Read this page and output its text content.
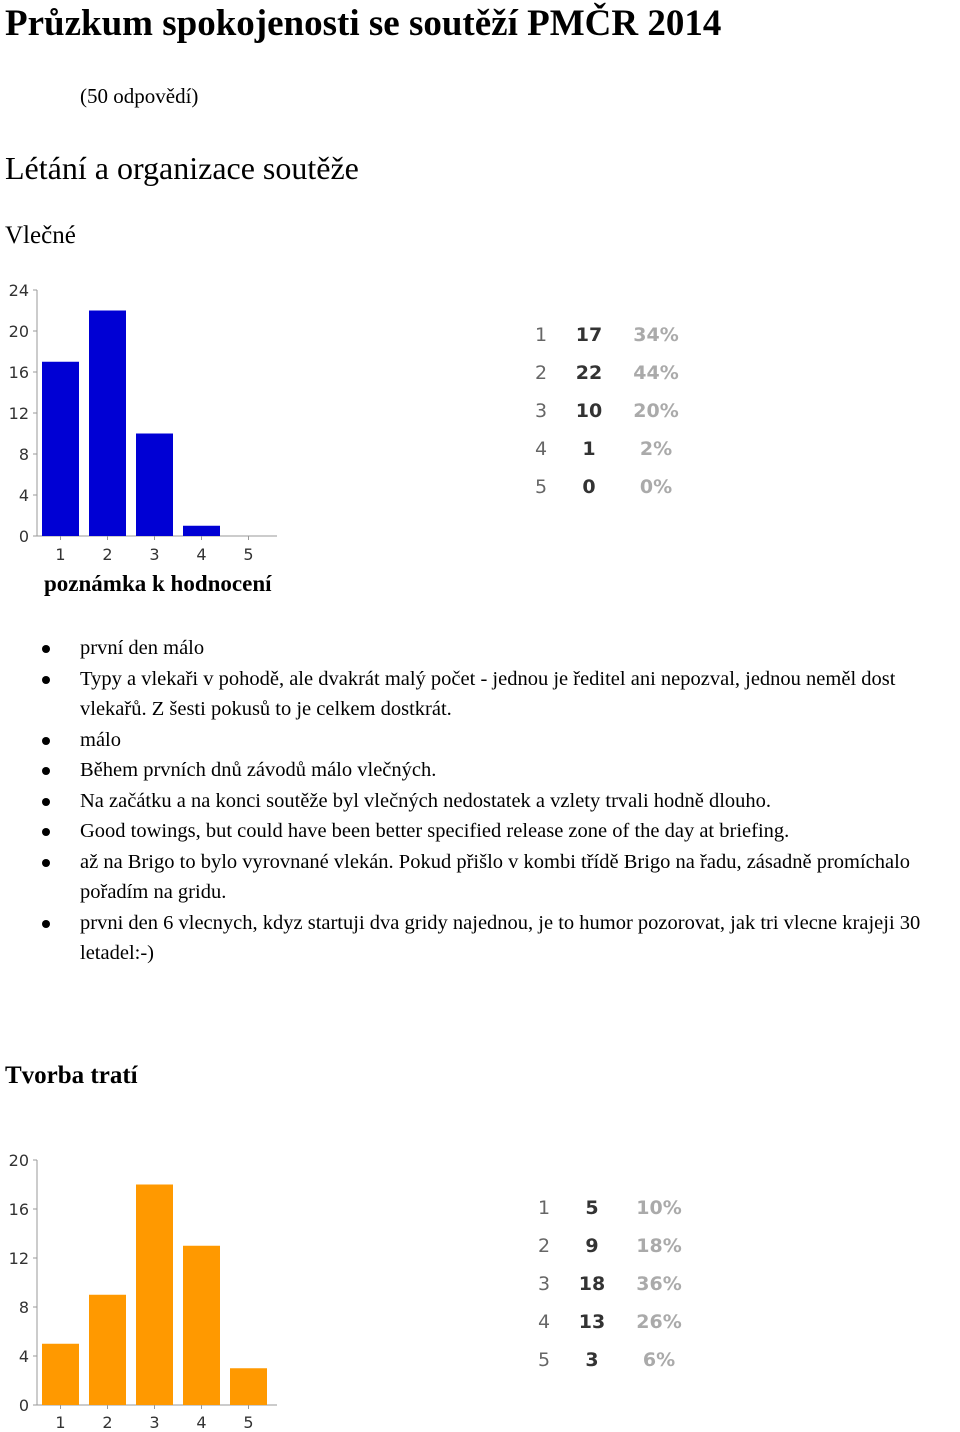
Průzkum spokojenosti se soutěží PMČR 2014
(50 odpovědí)
Létání a organizace soutěže
Vlečné
0
4
8
12
16
20
24
1 2 3 4 5
1 17	34%
2 22	44%
3 10	20%
4	1	2%
5	0	0%
poznámka k hodnocení
první den málo
Typy a vlekaři v pohodě, ale dvakrát malý počet - jednou je ředitel ani nepozval, jednou neměl dost vlekařů. Z šesti pokusů to je celkem dostkrát.
málo
Během prvních dnů závodů málo vlečných.
Na začátku a na konci soutěže byl vlečných nedostatek a vzlety trvali hodně dlouho.
Good towings, but could have been better specified release zone of the day at briefing.
až na Brigo to bylo vyrovnané vlekán. Pokud přišlo v kombi třídě Brigo na řadu, zásadně promíchalo pořadím na gridu.
prvni den 6 vlecnych, kdyz startuji dva gridy najednou, je to humor pozorovat, jak tri vlecne krajeji 30 letadel:-)
Tvorba tratí
0
4
8
12
16
20
1 2 3 4 5
1	5	10%
2	9	18%
3 18	36%
4 13	26%
5	3	6%
